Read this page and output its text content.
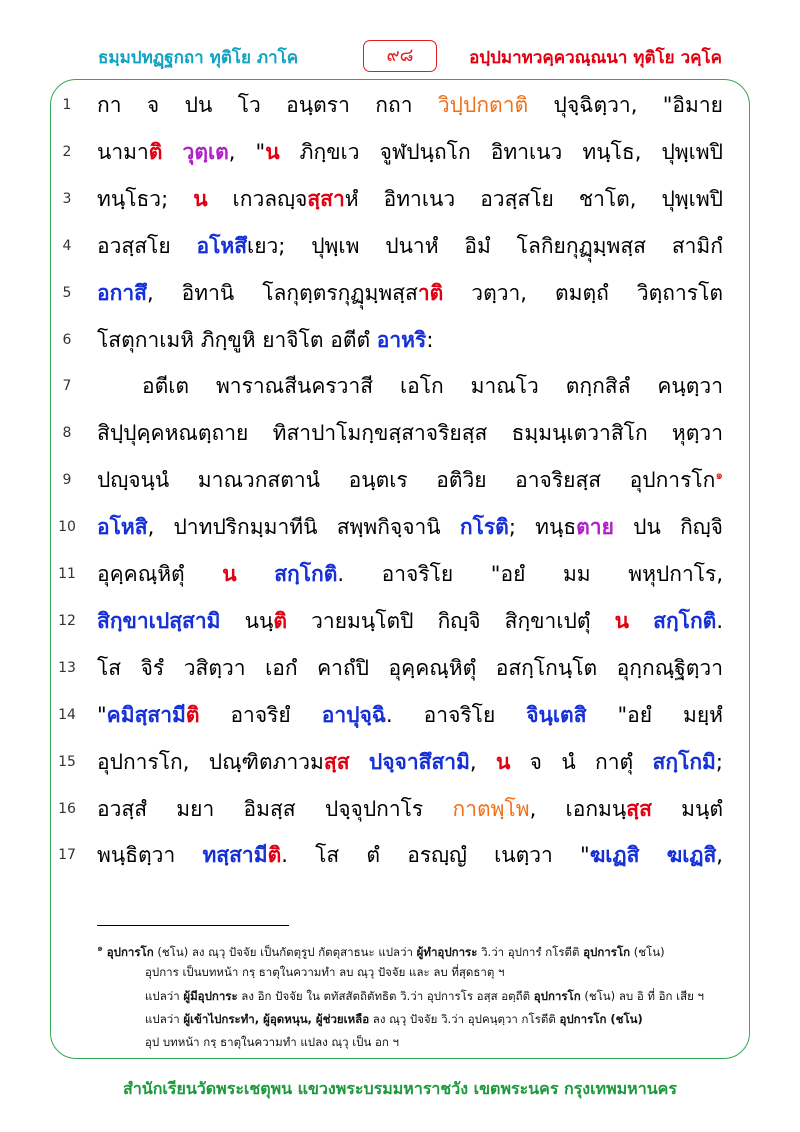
ธมฺมปทฏฺฐกถา ทุติโย ภาโค	๙๘	อปฺปมาทวคฺควณฺณนา ทุติโย วคฺโค
1	กา จ ปน โว อนฺตรา กถา วิปฺปกตาติ ปุจฺฉิตฺวา, "อิมาย
2	นามาติ วุตฺเต, "น ภิกฺขเว จูฬปนฺถโก อิทาเนว ทนฺโธ, ปุพฺเพปิ
3	ทนฺโธว; น เกวลญฺจสฺสาหํ อิทาเนว อวสฺสโย ชาโต, ปุพฺเพปิ
4	อวสฺสโย อโหสึเยว; ปุพฺเพ ปนาหํ อิมํ โลกิยกุฏุมฺพสฺส สามิกํ
5	อกาสึ, อิทานิ โลกุตฺตรกุฏุมฺพสฺสาติ วตฺวา, ตมตฺถํ วิตฺถารโต
6	โสตุกาเมหิ ภิกฺขูหิ ยาจิโต อตีตํ อาหริ:
7	อตีเต พาราณสีนครวาสี เอโก มาณโว ตกฺกสิลํ คนฺตฺวา
8	สิปฺปุคฺคหณตฺถาย ทิสาปาโมกฺขสฺสาจริยสฺส ธมฺมนฺเตวาสิโก หุตฺวา
9	ปญฺจนฺนํ มาณวกสตานํ อนฺตเร อติวิย อาจริยสฺส อุปการโก$^๑$
10 อโหสิ, ปาทปริกมฺมาทีนิ สพฺพกิจฺจานิ กโรติ; ทนฺธตาย ปน กิญฺจิ
11 อุคฺคณฺหิตุํ น สกฺโกติ. อาจริโย "อยํ มม พหุปกาโร,
12 สิกฺขาเปสฺสามิ นนฺติ วายมนฺโตปิ กิญฺจิ สิกฺขาเปตุํ น สกฺโกติ.
13 โส จิรํ วสิตฺวา เอกํ คาถํปิ อุคฺคณฺหิตุํ อสกฺโกนฺโต อุกฺกณฺฐิตฺวา
14 "คมิสฺสามีติ อาจริยํ อาปุจฺฉิ. อาจริโย จินฺเตสิ "อยํ มยฺหํ
15 อุปการโก, ปณฺฑิตภาวมสฺส ปจฺจาสึสามิ, น จ นํ กาตุํ สกฺโกมิ;
16 อวสฺสํ มยา อิมสฺส ปจฺจุปกาโร กาตพฺโพ, เอกมนฺสฺส มนฺตํ
17 พนฺธิตฺวา ทสฺสามีติ. โส ตํ อรญฺญํ เนตฺวา "ฆเฏสิ ฆเฏสิ,
$^๑$ อุปการโก (ชโน) ลง ณฺวุ ปัจจัย เป็นกัตตุรูป กัตตุสาธนะ แปลว่า ผู้ทำอุปการะ วิ.ว่า อุปการํ กโรตีติ อุปการโก (ชโน)
อุปการ เป็นบทหน้า กรฺ ธาตุในความทำ ลบ ณฺวุ ปัจจัย และ ลบ ที่สุดธาตุ ฯ
แปลว่า ผู้มีอุปการะ ลง อิก ปัจจัย ใน ตทัสสัตถิตัทธิต วิ.ว่า อุปการโร อสฺส อตฺถีติ อุปการโก (ชโน) ลบ อิ ที่ อิก เสีย ฯ
แปลว่า ผู้เข้าไปกระทำ, ผู้อุดหนุน, ผู้ช่วยเหลือ ลง ณฺวุ ปัจจัย วิ.ว่า อุปคนฺตฺวา กโรตีติ อุปการโก (ชโน)
อุป บทหน้า กรฺ ธาตุในความทำ แปลง ณฺวุ เป็น อก ฯ
สำนักเรียนวัดพระเชตุพน แขวงพระบรมมหาราชวัง เขตพระนคร กรุงเทพมหานคร
